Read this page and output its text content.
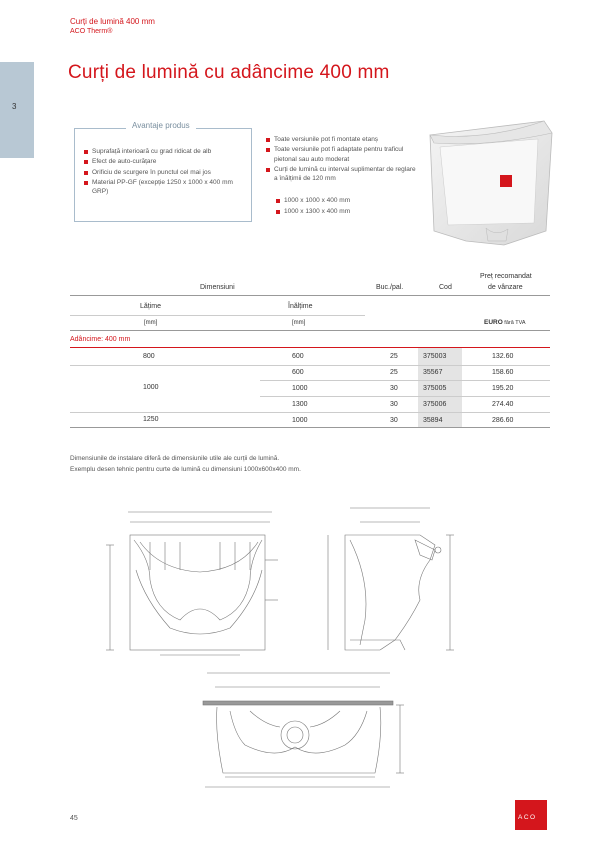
Curți de lumină 400 mm
ACO Therm®
3
Curți de lumină cu adâncime 400 mm
Avantaje produs
Suprafață interioară cu grad ridicat de alb
Efect de auto-curățare
Orificiu de scurgere în punctul cel mai jos
Material PP-GF (excepție 1250 x 1000 x 400 mm GRP)
Toate versiunile pot fi montate etanș
Toate versiunile pot fi adaptate pentru traficul pietonal sau auto moderat
Curți de lumină cu interval suplimentar de reglare a înălțimii de 120 mm
1000 x 1000 x 400 mm
1000 x 1300 x 400 mm
Dimensiuni	Buc./pal.	Cod
Preț recomandat
de vânzare
Lățime	Înălțime
[mm]	[mm]	EURO fără TVA
Adâncime: 400 mm
800	600	25	375003	132.60
600	25	35567	158.60
1000	1000	30	375005	195.20
1300	30	375006	274.40
1250	1000	30	35894	286.60
Dimensiunile de instalare diferă de dimensiunile utile ale curții de lumină.
Exemplu desen tehnic pentru curte de lumină cu dimensiuni 1000x600x400 mm.
45	ACO
